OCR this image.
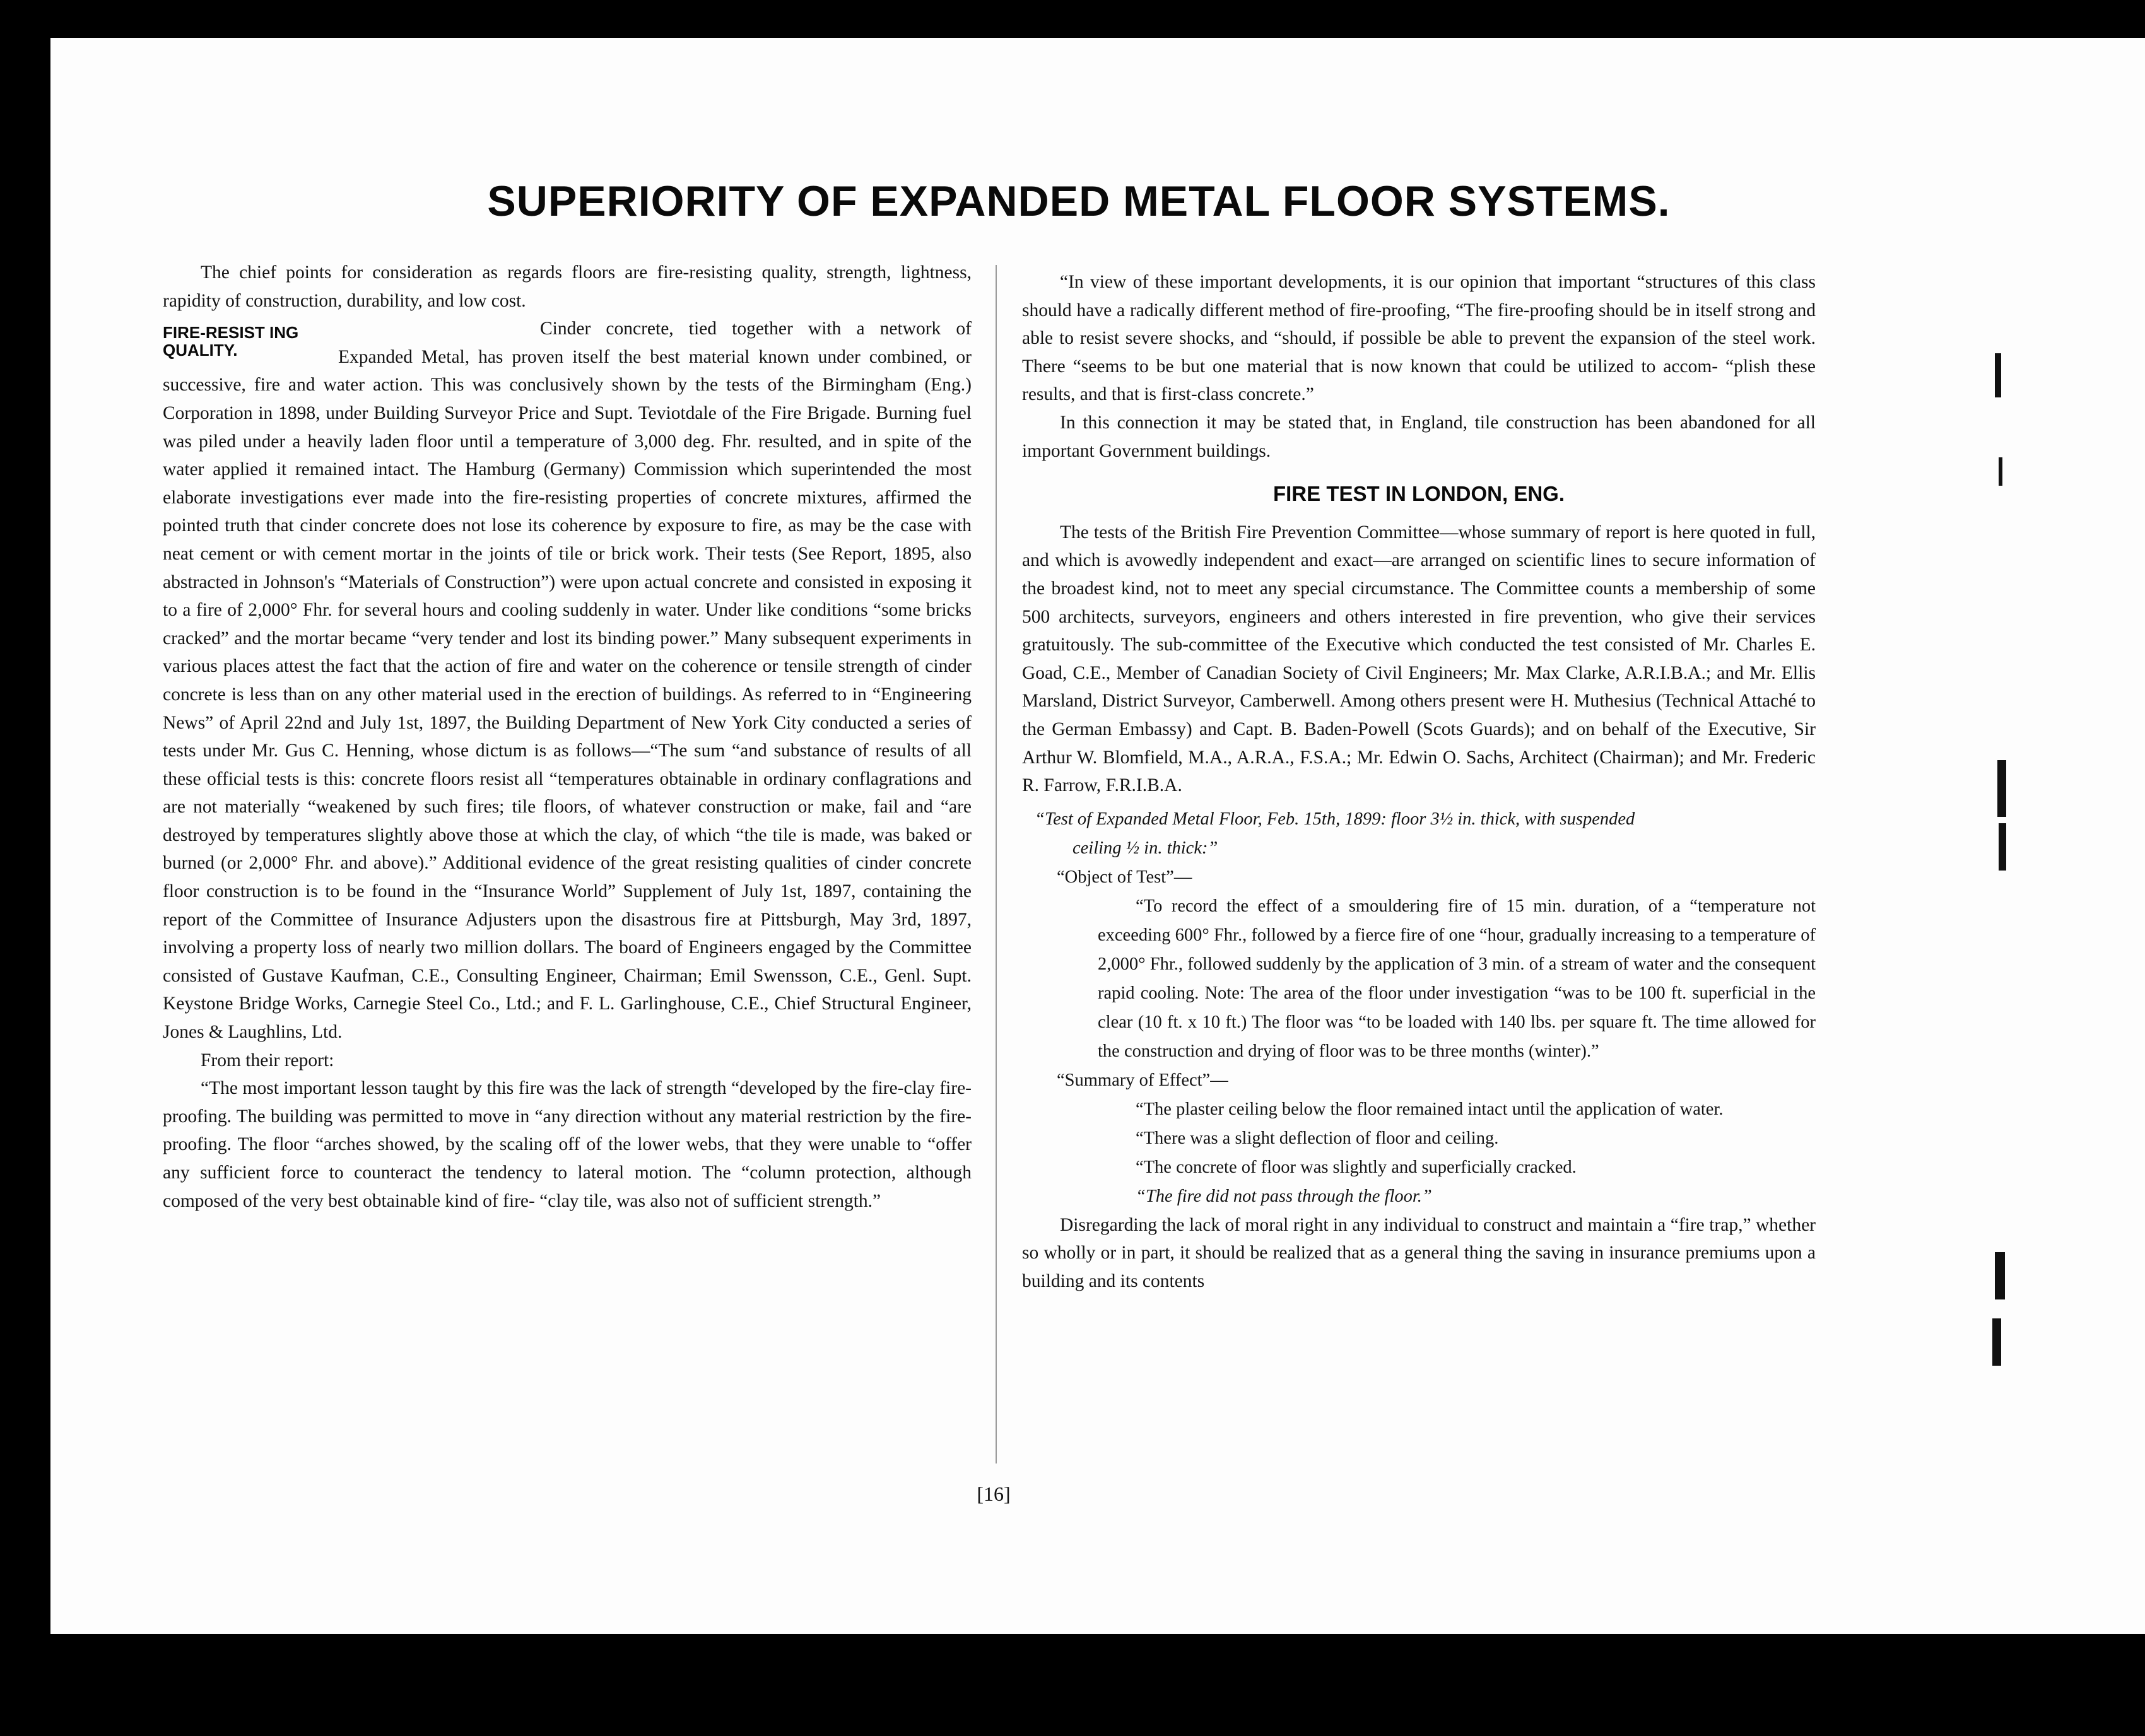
SUPERIORITY OF EXPANDED METAL FLOOR SYSTEMS.

The chief points for consideration as regards floors are fire-resisting quality, strength, lightness, rapidity of construction, durability, and low cost.

FIRE-RESIST ING QUALITY.

Cinder concrete, tied together with a network of Expanded Metal, has proven itself the best material known under combined, or successive, fire and water action. This was conclusively shown by the tests of the Birmingham (Eng.) Corporation in 1898, under Building Surveyor Price and Supt. Teviotdale of the Fire Brigade. Burning fuel was piled under a heavily laden floor until a temperature of 3,000 deg. Fhr. resulted, and in spite of the water applied it remained intact. The Hamburg (Germany) Commission which superintended the most elaborate investigations ever made into the fire-resisting properties of concrete mixtures, affirmed the pointed truth that cinder concrete does not lose its coherence by exposure to fire, as may be the case with neat cement or with cement mortar in the joints of tile or brick work. Their tests (See Report, 1895, also abstracted in Johnson's “Materials of Construction”) were upon actual concrete and consisted in exposing it to a fire of 2,000° Fhr. for several hours and cooling suddenly in water. Under like conditions “some bricks cracked” and the mortar became “very tender and lost its binding power.” Many subsequent experiments in various places attest the fact that the action of fire and water on the coherence or tensile strength of cinder concrete is less than on any other material used in the erection of buildings. As referred to in “Engineering News” of April 22nd and July 1st, 1897, the Building Department of New York City conducted a series of tests under Mr. Gus C. Henning, whose dictum is as follows—“The sum “and substance of results of all these official tests is this: concrete floors resist all “temperatures obtainable in ordinary conflagrations and are not materially “weakened by such fires; tile floors, of whatever construction or make, fail and “are destroyed by temperatures slightly above those at which the clay, of which “the tile is made, was baked or burned (or 2,000° Fhr. and above).” Additional evidence of the great resisting qualities of cinder concrete floor construction is to be found in the “Insurance World” Supplement of July 1st, 1897, containing the report of the Committee of Insurance Adjusters upon the disastrous fire at Pittsburgh, May 3rd, 1897, involving a property loss of nearly two million dollars. The board of Engineers engaged by the Committee consisted of Gustave Kaufman, C.E., Consulting Engineer, Chairman; Emil Swensson, C.E., Genl. Supt. Keystone Bridge Works, Carnegie Steel Co., Ltd.; and F. L. Garlinghouse, C.E., Chief Structural Engineer, Jones & Laughlins, Ltd.

From their report:

“The most important lesson taught by this fire was the lack of strength “developed by the fire-clay fire-proofing. The building was permitted to move in “any direction without any material restriction by the fire-proofing. The floor “arches showed, by the scaling off of the lower webs, that they were unable to “offer any sufficient force to counteract the tendency to lateral motion. The “column protection, although composed of the very best obtainable kind of fire- “clay tile, was also not of sufficient strength.”

“In view of these important developments, it is our opinion that important “structures of this class should have a radically different method of fire-proofing, “The fire-proofing should be in itself strong and able to resist severe shocks, and “should, if possible be able to prevent the expansion of the steel work. There “seems to be but one material that is now known that could be utilized to accom- “plish these results, and that is first-class concrete.”

In this connection it may be stated that, in England, tile construction has been abandoned for all important Government buildings.

FIRE TEST IN LONDON, ENG.

The tests of the British Fire Prevention Committee—whose summary of report is here quoted in full, and which is avowedly independent and exact—are arranged on scientific lines to secure information of the broadest kind, not to meet any special circumstance. The Committee counts a membership of some 500 architects, surveyors, engineers and others interested in fire prevention, who give their services gratuitously. The sub-committee of the Executive which conducted the test consisted of Mr. Charles E. Goad, C.E., Member of Canadian Society of Civil Engineers; Mr. Max Clarke, A.R.I.B.A.; and Mr. Ellis Marsland, District Surveyor, Camberwell. Among others present were H. Muthesius (Technical Attaché to the German Embassy) and Capt. B. Baden-Powell (Scots Guards); and on behalf of the Executive, Sir Arthur W. Blomfield, M.A., A.R.A., F.S.A.; Mr. Edwin O. Sachs, Architect (Chairman); and Mr. Frederic R. Farrow, F.R.I.B.A.

“Test of Expanded Metal Floor, Feb. 15th, 1899: floor 3½ in. thick, with suspended

ceiling ½ in. thick:”

“Object of Test”—

“To record the effect of a smouldering fire of 15 min. duration, of a “temperature not exceeding 600° Fhr., followed by a fierce fire of one “hour, gradually increasing to a temperature of 2,000° Fhr., followed suddenly by the application of 3 min. of a stream of water and the consequent rapid cooling. Note: The area of the floor under investigation “was to be 100 ft. superficial in the clear (10 ft. x 10 ft.) The floor was “to be loaded with 140 lbs. per square ft. The time allowed for the construction and drying of floor was to be three months (winter).”

“Summary of Effect”—

“The plaster ceiling below the floor remained intact until the application of water.

“There was a slight deflection of floor and ceiling.

“The concrete of floor was slightly and superficially cracked.

“The fire did not pass through the floor.”

Disregarding the lack of moral right in any individual to construct and maintain a “fire trap,” whether so wholly or in part, it should be realized that as a general thing the saving in insurance premiums upon a building and its contents

[16]
